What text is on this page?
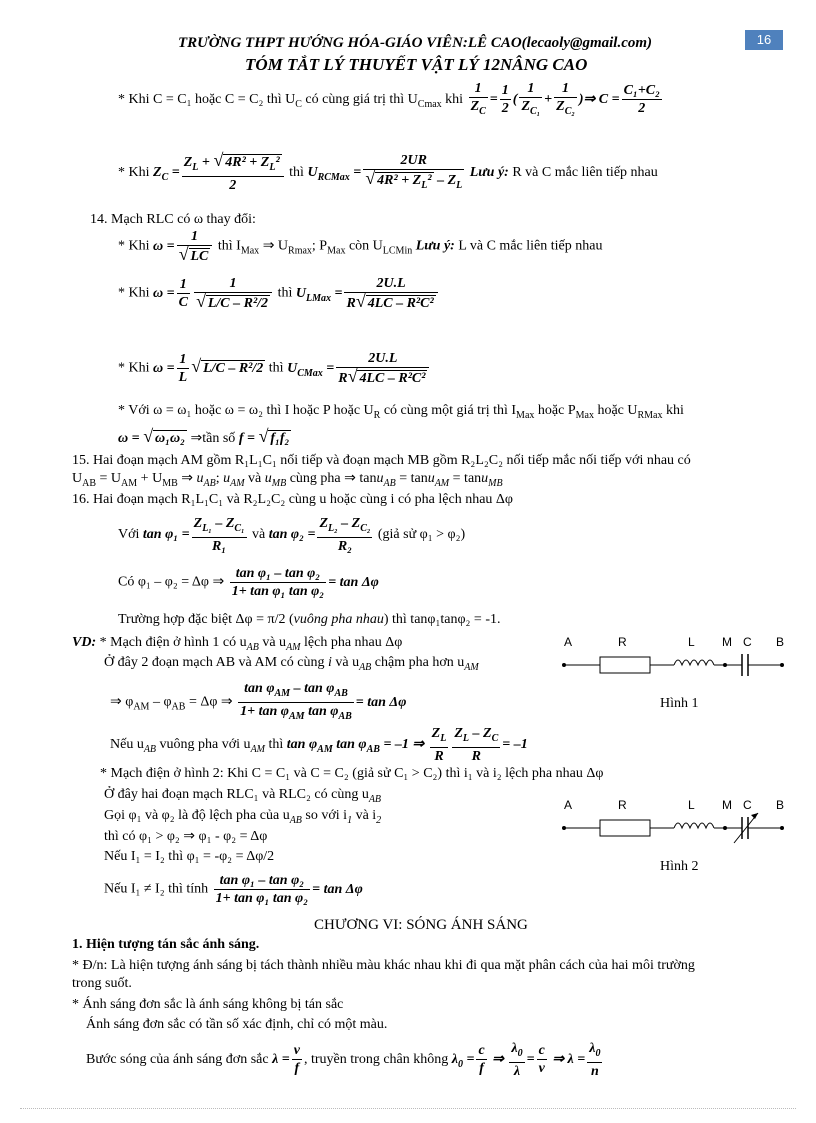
TRƯỜNG THPT HƯỚNG HÓA-GIÁO VIÊN:LÊ CAO(lecaoly@gmail.com)	16
TÓM TẮT LÝ THUYẾT VẬT LÝ 12NÂNG CAO
* Khi C = C₁ hoặc C = C₂ thì $U_C$ có cùng giá trị thì $U_{Cmax}$ khi $\frac{1}{Z_C} = \frac{1}{2}$ ( $\frac{1}{Z_{C_1}} + \frac{1}{Z_{C_2}}$ )⇒ $C = \frac{\text{C₁+C₂}}{2}$
* Khi $Z_C = \frac{Z_L + √ 4R^2 + Z_L^2}{2}$ thì $U_{RCMax} = 2UR$
√ $4R^2 + Z_L^2 - Z_L$ Lưu ý: R và C mắc liên tiếp nhau
14. Mạch RLC có ω thay đổi:
* Khi ω = 1
√ LC thì $I_{Max}$ ⇒ $U_{Rmax}$; $P_{Max}$ còn $U_{LCMin}$ Lưu ý: L và C mắc liên tiếp nhau
* Khi $\omega = \frac{1}{C} 1$
√ L/C – R²/2 thì $U_{LMax} = \frac{2U.L}{\text{R √ 4LC – R²C²}}$
* Khi $\omega = \frac{1}{L}$ √ L/C – R²/2 thì $U_{CMax} = \frac{2U.L}{\text{R √ 4LC – R²C²}}$
* Với ω = ω₁ hoặc ω = ω₂ thì I hoặc P hoặc $U_R$ có cùng một giá trị thì $I_{Max}$ hoặc $P_{Max}$ hoặc $U_{RMax}$ khi
ω = √ ω₁ω₂ ⇒tần số f = √ f₁f₂
15. Hai đoạn mạch AM gồm R₁L₁C₁ nối tiếp và đoạn mạch MB gồm R₂L₂C₂ nối tiếp mắc nối tiếp với nhau có
$U_{AB} = U_{AM} + U_{MB}$ ⇒ $u_{AB}$; $u_{AM}$ và $u_{MB}$ cùng pha ⇒ tanu$_{AB}$ = tanu$_{AM}$ = tanu$_{MB}$
16. Hai đoạn mạch R₁L₁C₁ và R₂L₂C₂ cùng u hoặc cùng i có pha lệch nhau Δφ
Với $\tan \varphi_1 = \frac{Z_{L_1} - Z_{C_1}}{\text{R₁}}$ và $\tan \varphi_2 = \frac{Z_{L_2} - Z_{C_2}}{\text{R₂}}$ (giả sử φ₁ > φ₂)
Có φ₁ – φ₂ = Δφ ⇒ $\frac{\text{tan φ₁ – tan φ₂}}{\text{1+ tan φ₁ tan φ₂}} = \tan \Delta\varphi$
Trường hợp đặc biệt Δφ = π/2 (vuông pha nhau) thì tanφ₁tanφ₂ = -1.
VD: * Mạch điện ở hình 1 có $u_{AB}$ và $u_{AM}$ lệch pha nhau Δφ
Ở đây 2 đoạn mạch AB và AM có cùng i và $u_{AB}$ chậm pha hơn $u_{AM}$
⇒ $\varphi_{AM} - \varphi_{AB} = \Delta\varphi$ ⇒
$\tan \varphi_{AM}$ – $\tan \varphi_{AB}$
$1+ \tan \varphi_{AM}$ $\tan \varphi_{AB}$
= tan Δφ
Nếu $u_{AB}$ vuông pha với $u_{AM}$ thì $\tan \varphi_{AM}$ $\tan \varphi_{AB} = -1$ ⇒ $\frac{Z_L}{R} \frac{Z_L - Z_C}{R} = -1$
A	R	L M C B
Hình 1
* Mạch điện ở hình 2: Khi C = C₁ và C = C₂ (giả sử C₁ > C₂) thì i₁ và i₂ lệch pha nhau Δφ
Ở đây hai đoạn mạch RLC₁ và RLC₂ có cùng $u_{AB}$
Gọi φ₁ và φ₂ là độ lệch pha của $u_{AB}$ so với $i_1$ và $i_2$
thì có φ₁ > φ₂ ⇒ φ₁ - φ₂ = Δφ
Nếu I₁ = I₂ thì φ₁ = -φ₂ = Δφ/2
Nếu I₁ ≠ I₂ thì tính $\frac{\text{tan φ₁ – tan φ₂}}{\text{1+ tan φ₁ tan φ₂}} = \tan \Delta\varphi$
A	R	L M C B
Hình 2
CHƯƠNG VI: SÓNG ÁNH SÁNG
1. Hiện tượng tán sắc ánh sáng.
* Đ/n: Là hiện tượng ánh sáng bị tách thành nhiều màu khác nhau khi đi qua mặt phân cách của hai môi trường
trong suốt.
* Ánh sáng đơn sắc là ánh sáng không bị tán sắc
Ánh sáng đơn sắc có tần số xác định, chỉ có một màu.
Bước sóng của ánh sáng đơn sắc $\lambda = \frac{v}{f}$ , truyền trong chân không $\lambda_0 = \frac{c}{f}$ ⇒ $\frac{\lambda_0}{\lambda} = \frac{c}{v}$ ⇒ $\lambda = \frac{\lambda_0}{n}$
